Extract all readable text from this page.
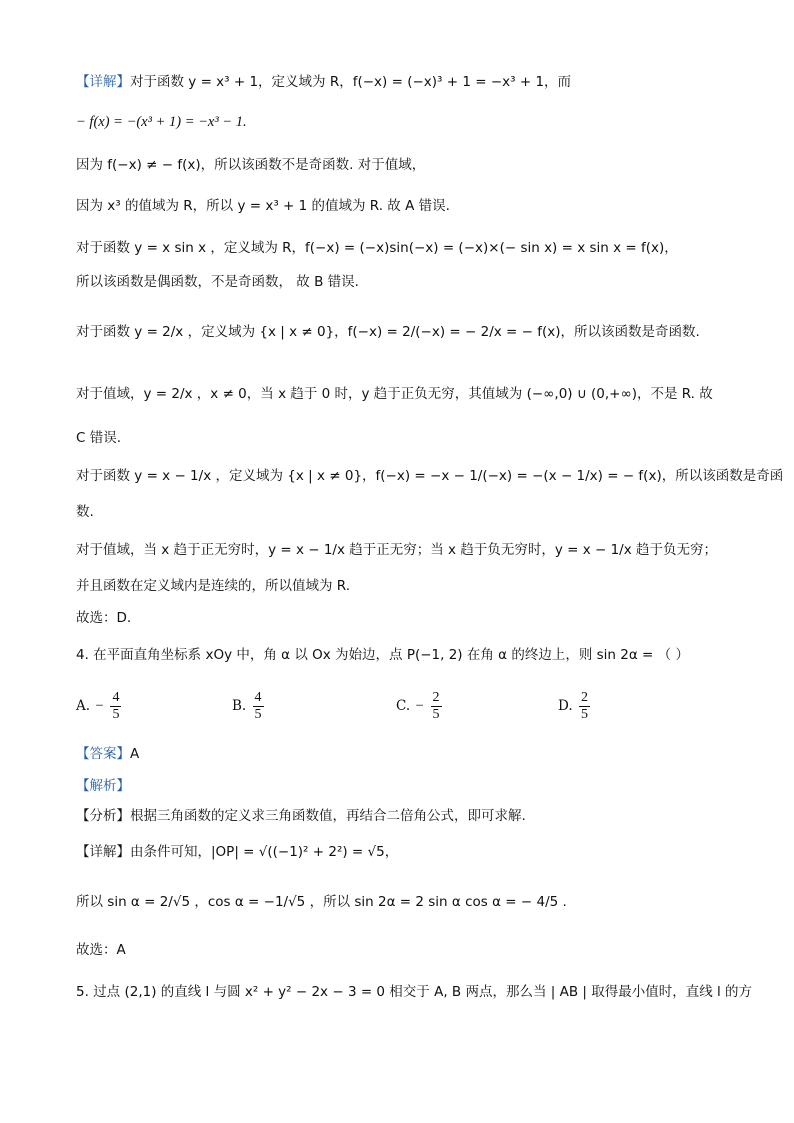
【详解】对于函数 y = x³ + 1，定义域为 R，f(−x) = (−x)³ + 1 = −x³ + 1，而
− f(x) = −(x³ + 1) = −x³ − 1.
因为 f(−x) ≠ − f(x)，所以该函数不是奇函数. 对于值域，
因为 x³ 的值域为 R，所以 y = x³ + 1 的值域为 R. 故 A 错误.
对于函数 y = x sin x ，定义域为 R，f(−x) = (−x)sin(−x) = (−x)×(− sin x) = x sin x = f(x)，
所以该函数是偶函数，不是奇函数， 故 B 错误.
对于函数 y = 2/x ，定义域为 {x | x ≠ 0}，f(−x) = 2/(−x) = − 2/x = − f(x)，所以该函数是奇函数.
对于值域，y = 2/x ，x ≠ 0，当 x 趋于 0 时，y 趋于正负无穷，其值域为 (−∞,0) ∪ (0,+∞)，不是 R. 故
C 错误.
对于函数 y = x − 1/x ，定义域为 {x | x ≠ 0}，f(−x) = −x − 1/(−x) = −(x − 1/x) = − f(x)，所以该函数是奇函
数.
对于值域，当 x 趋于正无穷时，y = x − 1/x 趋于正无穷；当 x 趋于负无穷时，y = x − 1/x 趋于负无穷；
并且函数在定义域内是连续的，所以值域为 R.
故选：D.
4. 在平面直角坐标系 xOy 中，角 α 以 Ox 为始边，点 P(−1, 2) 在角 α 的终边上，则 sin 2α = （ ）
A. − $\frac{4}{5}$	B. $\frac{4}{5}$	C. − $\frac{2}{5}$	D. $\frac{2}{5}$
【答案】A
【解析】
【分析】根据三角函数的定义求三角函数值，再结合二倍角公式，即可求解.
【详解】由条件可知，|OP| = √((−1)² + 2²) = √5，
所以 sin α = 2/√5 ，cos α = −1/√5 ，所以 sin 2α = 2 sin α cos α = − 4/5 .
故选：A
5. 过点 (2,1) 的直线 l 与圆 x² + y² − 2x − 3 = 0 相交于 A, B 两点，那么当 | AB | 取得最小值时，直线 l 的方
